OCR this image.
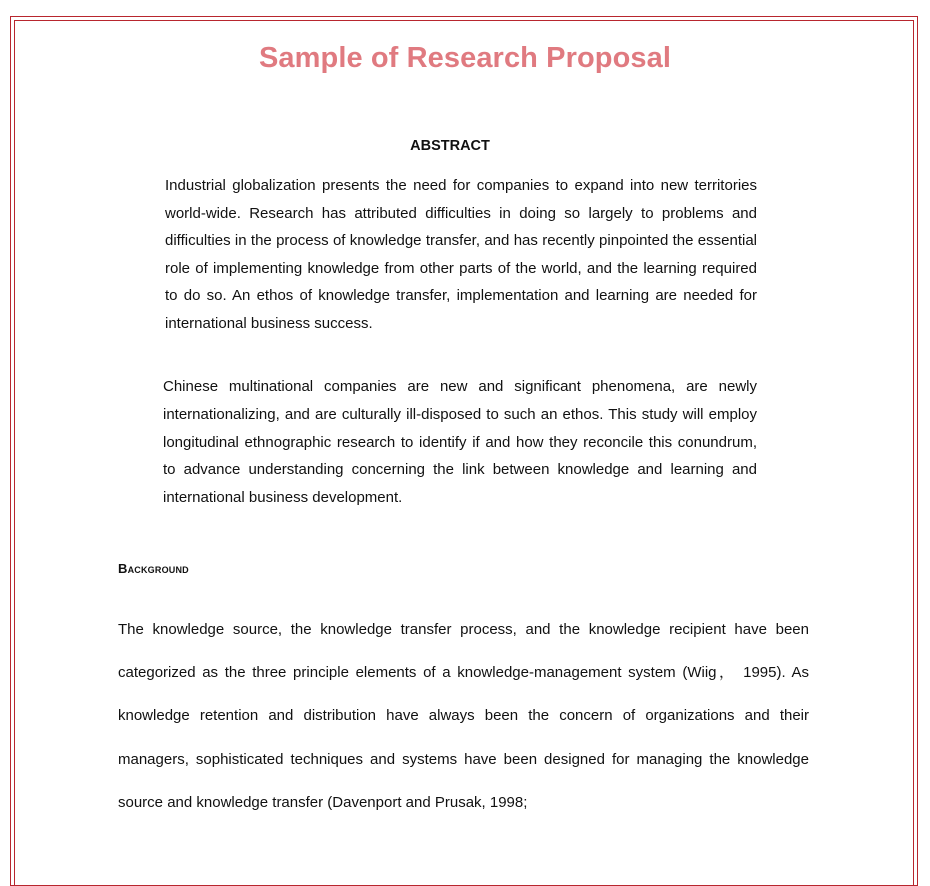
Sample of Research Proposal
ABSTRACT

Industrial globalization presents the need for companies to expand into new territories world-wide. Research has attributed difficulties in doing so largely to problems and difficulties in the process of knowledge transfer, and has recently pinpointed the essential role of implementing knowledge from other parts of the world, and the learning required to do so. An ethos of knowledge transfer, implementation and learning are needed for international business success.

Chinese multinational companies are new and significant phenomena, are newly internationalizing, and are culturally ill-disposed to such an ethos. This study will employ longitudinal ethnographic research to identify if and how they reconcile this conundrum, to advance understanding concerning the link between knowledge and learning and international business development.

Background

The knowledge source, the knowledge transfer process, and the knowledge recipient have been categorized as the three principle elements of a knowledge-management system (Wiig， 1995). As knowledge retention and distribution have always been the concern of organizations and their managers, sophisticated techniques and systems have been designed for managing the knowledge source and knowledge transfer (Davenport and Prusak, 1998;
